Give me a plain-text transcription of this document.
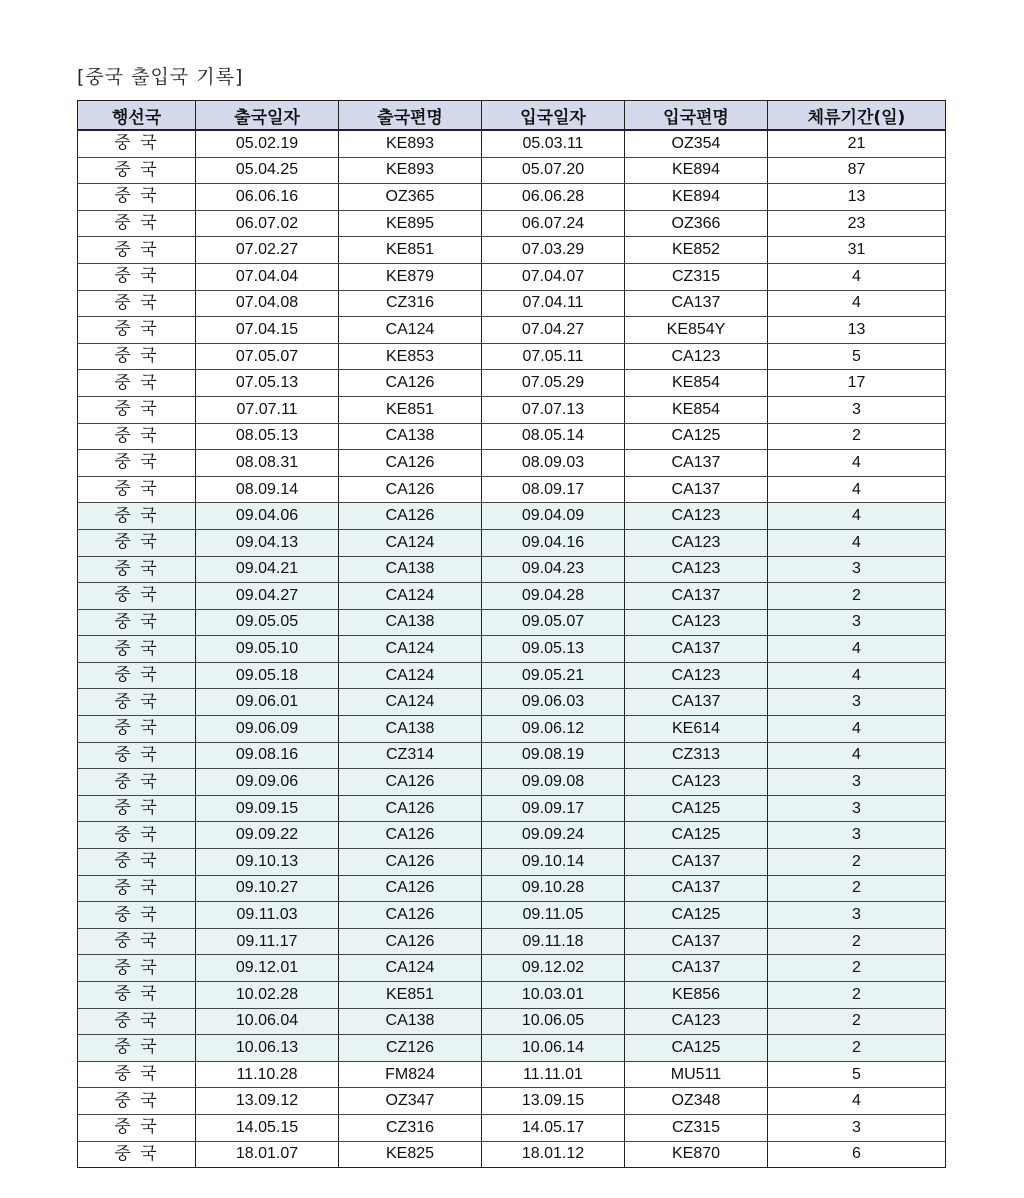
[중국 출입국 기록]
행선국	출국일자	출국편명	입국일자	입국편명	체류기간(일)
중 국	05.02.19	KE893	05.03.11	OZ354	21
중 국	05.04.25	KE893	05.07.20	KE894	87
중 국	06.06.16	OZ365	06.06.28	KE894	13
중 국	06.07.02	KE895	06.07.24	OZ366	23
중 국	07.02.27	KE851	07.03.29	KE852	31
중 국	07.04.04	KE879	07.04.07	CZ315	4
중 국	07.04.08	CZ316	07.04.11	CA137	4
중 국	07.04.15	CA124	07.04.27	KE854Y	13
중 국	07.05.07	KE853	07.05.11	CA123	5
중 국	07.05.13	CA126	07.05.29	KE854	17
중 국	07.07.11	KE851	07.07.13	KE854	3
중 국	08.05.13	CA138	08.05.14	CA125	2
중 국	08.08.31	CA126	08.09.03	CA137	4
중 국	08.09.14	CA126	08.09.17	CA137	4
중 국	09.04.06	CA126	09.04.09	CA123	4
중 국	09.04.13	CA124	09.04.16	CA123	4
중 국	09.04.21	CA138	09.04.23	CA123	3
중 국	09.04.27	CA124	09.04.28	CA137	2
중 국	09.05.05	CA138	09.05.07	CA123	3
중 국	09.05.10	CA124	09.05.13	CA137	4
중 국	09.05.18	CA124	09.05.21	CA123	4
중 국	09.06.01	CA124	09.06.03	CA137	3
중 국	09.06.09	CA138	09.06.12	KE614	4
중 국	09.08.16	CZ314	09.08.19	CZ313	4
중 국	09.09.06	CA126	09.09.08	CA123	3
중 국	09.09.15	CA126	09.09.17	CA125	3
중 국	09.09.22	CA126	09.09.24	CA125	3
중 국	09.10.13	CA126	09.10.14	CA137	2
중 국	09.10.27	CA126	09.10.28	CA137	2
중 국	09.11.03	CA126	09.11.05	CA125	3
중 국	09.11.17	CA126	09.11.18	CA137	2
중 국	09.12.01	CA124	09.12.02	CA137	2
중 국	10.02.28	KE851	10.03.01	KE856	2
중 국	10.06.04	CA138	10.06.05	CA123	2
중 국	10.06.13	CZ126	10.06.14	CA125	2
중 국	11.10.28	FM824	11.11.01	MU511	5
중 국	13.09.12	OZ347	13.09.15	OZ348	4
중 국	14.05.15	CZ316	14.05.17	CZ315	3
중 국	18.01.07	KE825	18.01.12	KE870	6
